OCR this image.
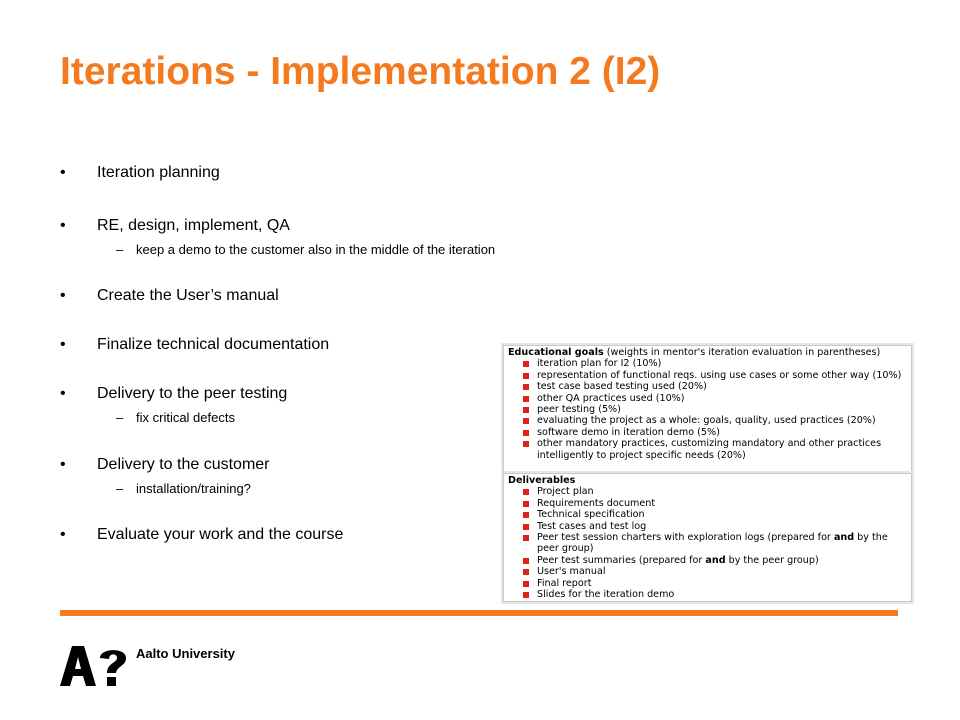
Iterations - Implementation 2 (I2)
• Iteration planning
• RE, design, implement, QA
– keep a demo to the customer also in the middle of the iteration
• Create the User’s manual
• Finalize technical documentation
• Delivery to the peer testing
– fix critical defects
• Delivery to the customer
– installation/training?
• Evaluate your work and the course
Educational goals (weights in mentor's iteration evaluation in parentheses)
iteration plan for I2 (10%)
representation of functional reqs. using use cases or some other way (10%)
test case based testing used (20%)
other QA practices used (10%)
peer testing (5%)
evaluating the project as a whole: goals, quality, used practices (20%)
software demo in iteration demo (5%)
other mandatory practices, customizing mandatory and other practices intelligently to project specific needs (20%)
Deliverables
Project plan
Requirements document
Technical specification
Test cases and test log
Peer test session charters with exploration logs (prepared for and by the peer group)
Peer test summaries (prepared for and by the peer group)
User's manual
Final report
Slides for the iteration demo
Aalto University
